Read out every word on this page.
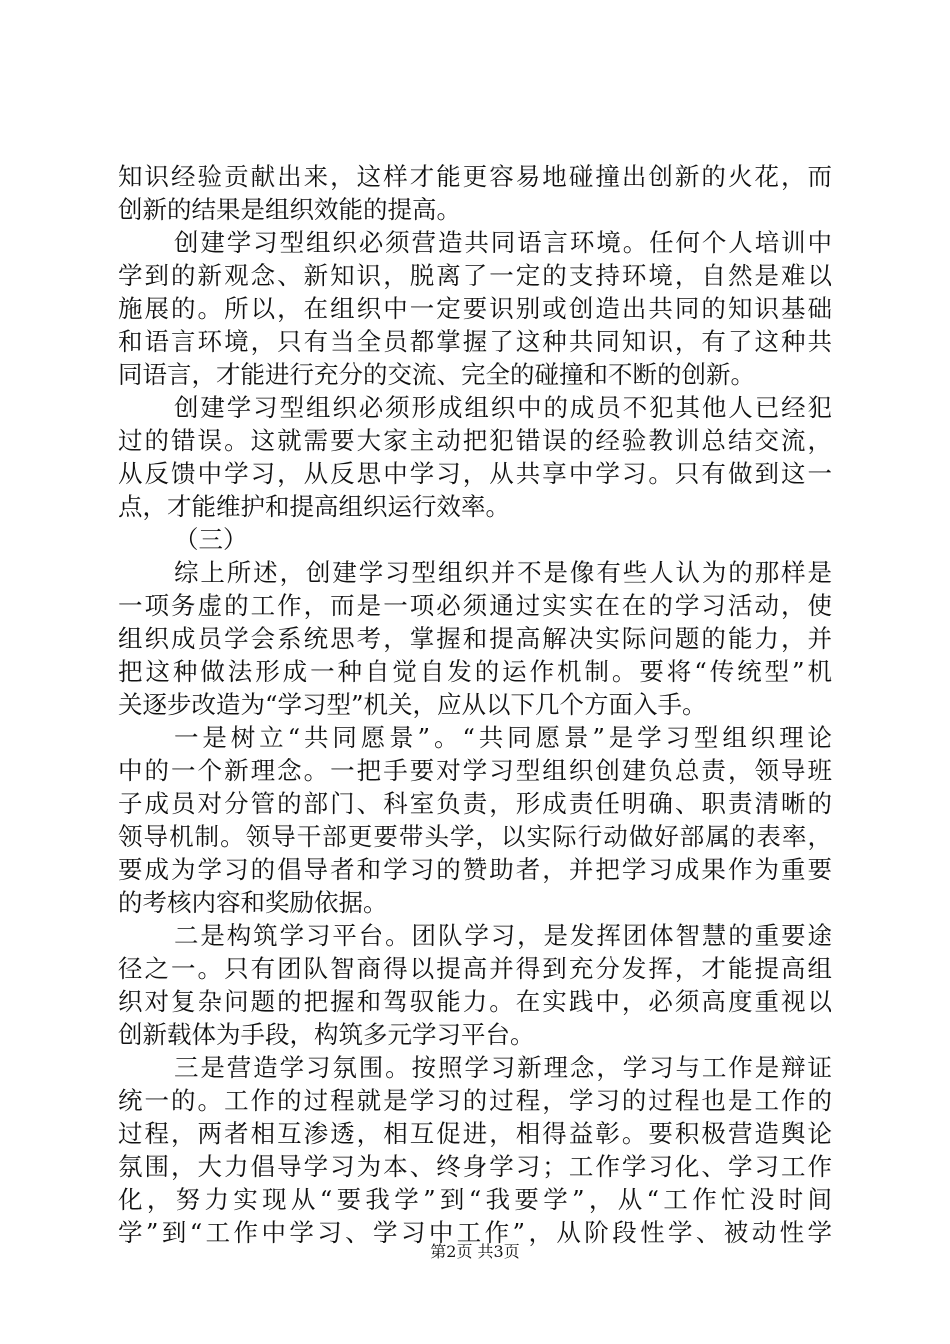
知识经验贡献出来，这样才能更容易地碰撞出创新的火花，而
创新的结果是组织效能的提高。
创建学习型组织必须营造共同语言环境。任何个人培训中
学到的新观念、新知识，脱离了一定的支持环境，自然是难以
施展的。所以，在组织中一定要识别或创造出共同的知识基础
和语言环境，只有当全员都掌握了这种共同知识，有了这种共
同语言，才能进行充分的交流、完全的碰撞和不断的创新。
创建学习型组织必须形成组织中的成员不犯其他人已经犯
过的错误。这就需要大家主动把犯错误的经验教训总结交流，
从反馈中学习，从反思中学习，从共享中学习。只有做到这一
点，才能维护和提高组织运行效率。
（三）
综上所述，创建学习型组织并不是像有些人认为的那样是
一项务虚的工作，而是一项必须通过实实在在的学习活动，使
组织成员学会系统思考，掌握和提高解决实际问题的能力，并
把这种做法形成一种自觉自发的运作机制。要将“传统型”机
关逐步改造为“学习型”机关，应从以下几个方面入手。
一是树立“共同愿景”。“共同愿景”是学习型组织理论
中的一个新理念。一把手要对学习型组织创建负总责，领导班
子成员对分管的部门、科室负责，形成责任明确、职责清晰的
领导机制。领导干部更要带头学，以实际行动做好部属的表率，
要成为学习的倡导者和学习的赞助者，并把学习成果作为重要
的考核内容和奖励依据。
二是构筑学习平台。团队学习，是发挥团体智慧的重要途
径之一。只有团队智商得以提高并得到充分发挥，才能提高组
织对复杂问题的把握和驾驭能力。在实践中，必须高度重视以
创新载体为手段，构筑多元学习平台。
三是营造学习氛围。按照学习新理念，学习与工作是辩证
统一的。工作的过程就是学习的过程，学习的过程也是工作的
过程，两者相互渗透，相互促进，相得益彰。要积极营造舆论
氛围，大力倡导学习为本、终身学习；工作学习化、学习工作
化，努力实现从“要我学”到“我要学”，从“工作忙没时间
学”到“工作中学习、学习中工作”，从阶段性学、被动性学
第2页 共3页
